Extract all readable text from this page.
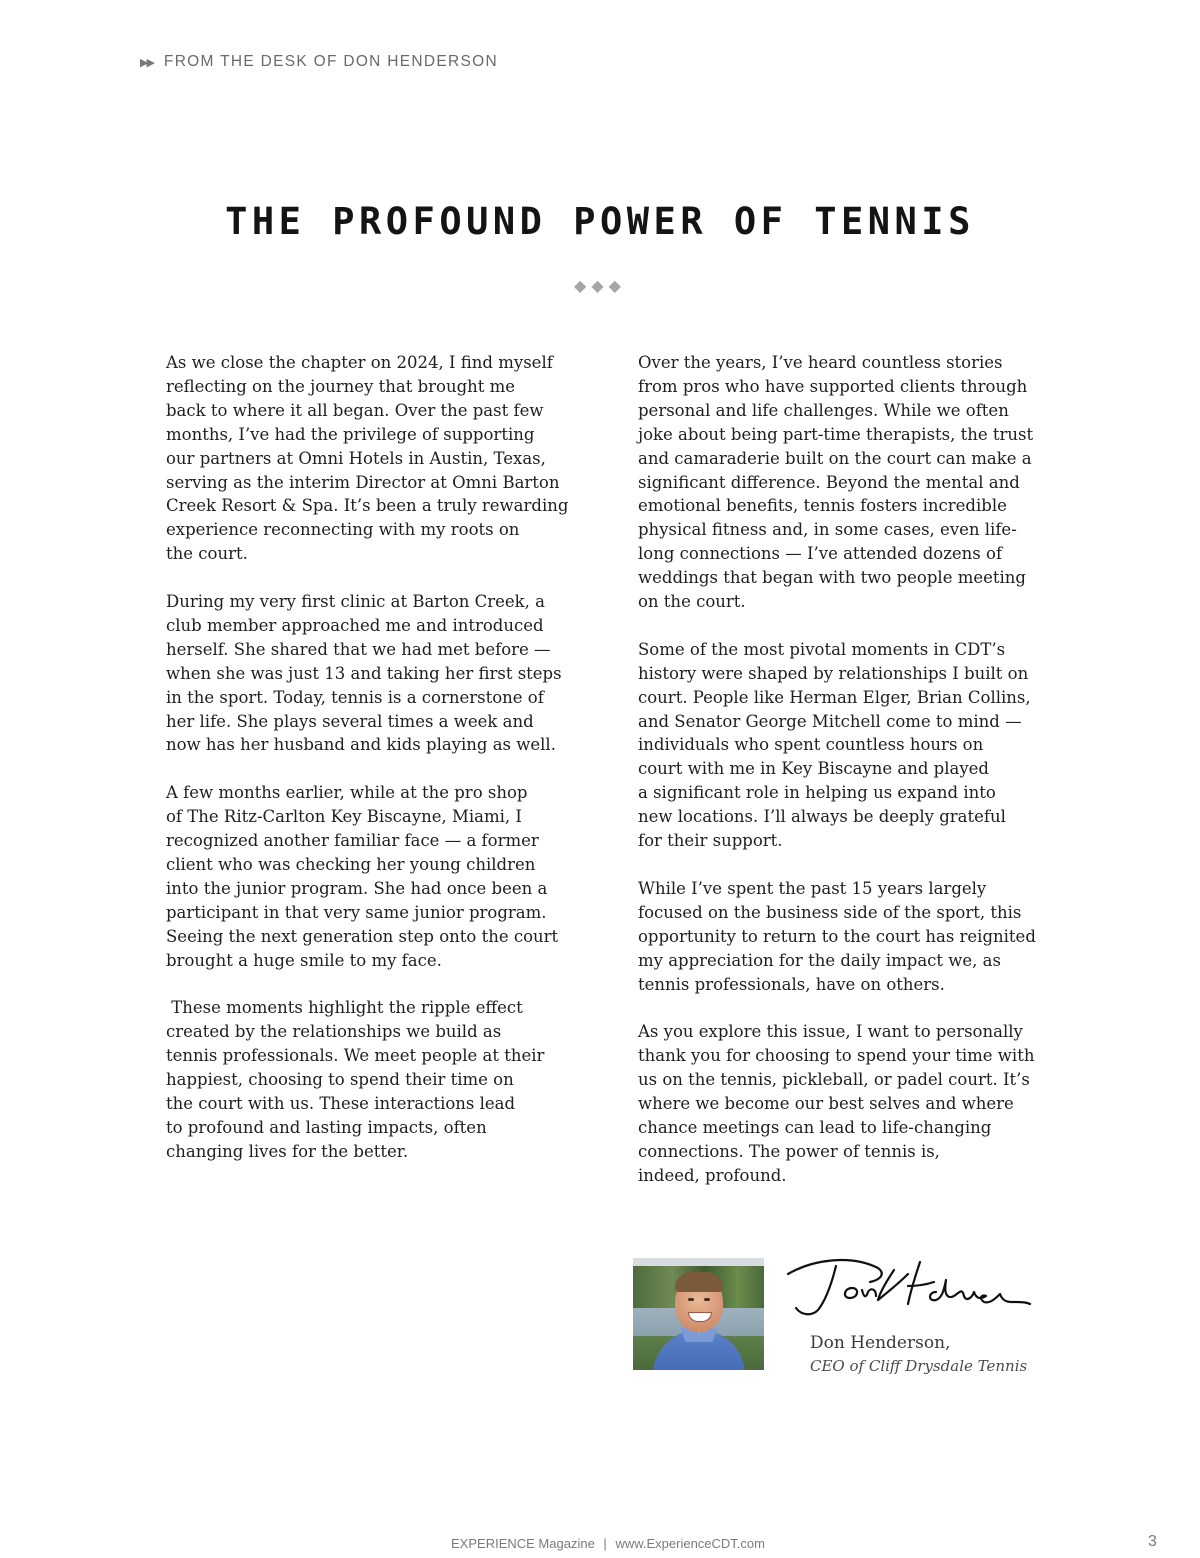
▶▶ FROM THE DESK OF DON HENDERSON
THE PROFOUND POWER OF TENNIS
◆◆◆

As we close the chapter on 2024, I find myself
reflecting on the journey that brought me
back to where it all began. Over the past few
months, I’ve had the privilege of supporting
our partners at Omni Hotels in Austin, Texas,
serving as the interim Director at Omni Barton
Creek Resort & Spa. It’s been a truly rewarding
experience reconnecting with my roots on
the court.

During my very first clinic at Barton Creek, a
club member approached me and introduced
herself. She shared that we had met before —
when she was just 13 and taking her first steps
in the sport. Today, tennis is a cornerstone of
her life. She plays several times a week and
now has her husband and kids playing as well.

A few months earlier, while at the pro shop
of The Ritz-Carlton Key Biscayne, Miami, I
recognized another familiar face — a former
client who was checking her young children
into the junior program. She had once been a
participant in that very same junior program.
Seeing the next generation step onto the court
brought a huge smile to my face.

These moments highlight the ripple effect
created by the relationships we build as
tennis professionals. We meet people at their
happiest, choosing to spend their time on
the court with us. These interactions lead
to profound and lasting impacts, often
changing lives for the better.

Over the years, I’ve heard countless stories
from pros who have supported clients through
personal and life challenges. While we often
joke about being part-time therapists, the trust
and camaraderie built on the court can make a
significant difference. Beyond the mental and
emotional benefits, tennis fosters incredible
physical fitness and, in some cases, even life-
long connections — I’ve attended dozens of
weddings that began with two people meeting
on the court.

Some of the most pivotal moments in CDT’s
history were shaped by relationships I built on
court. People like Herman Elger, Brian Collins,
and Senator George Mitchell come to mind —
individuals who spent countless hours on
court with me in Key Biscayne and played
a significant role in helping us expand into
new locations. I’ll always be deeply grateful
for their support.

While I’ve spent the past 15 years largely
focused on the business side of the sport, this
opportunity to return to the court has reignited
my appreciation for the daily impact we, as
tennis professionals, have on others.

As you explore this issue, I want to personally
thank you for choosing to spend your time with
us on the tennis, pickleball, or padel court. It’s
where we become our best selves and where
chance meetings can lead to life-changing
connections. The power of tennis is,
indeed, profound.

Don Henderson,
CEO of Cliff Drysdale Tennis
EXPERIENCE Magazine | www.ExperienceCDT.com	3
